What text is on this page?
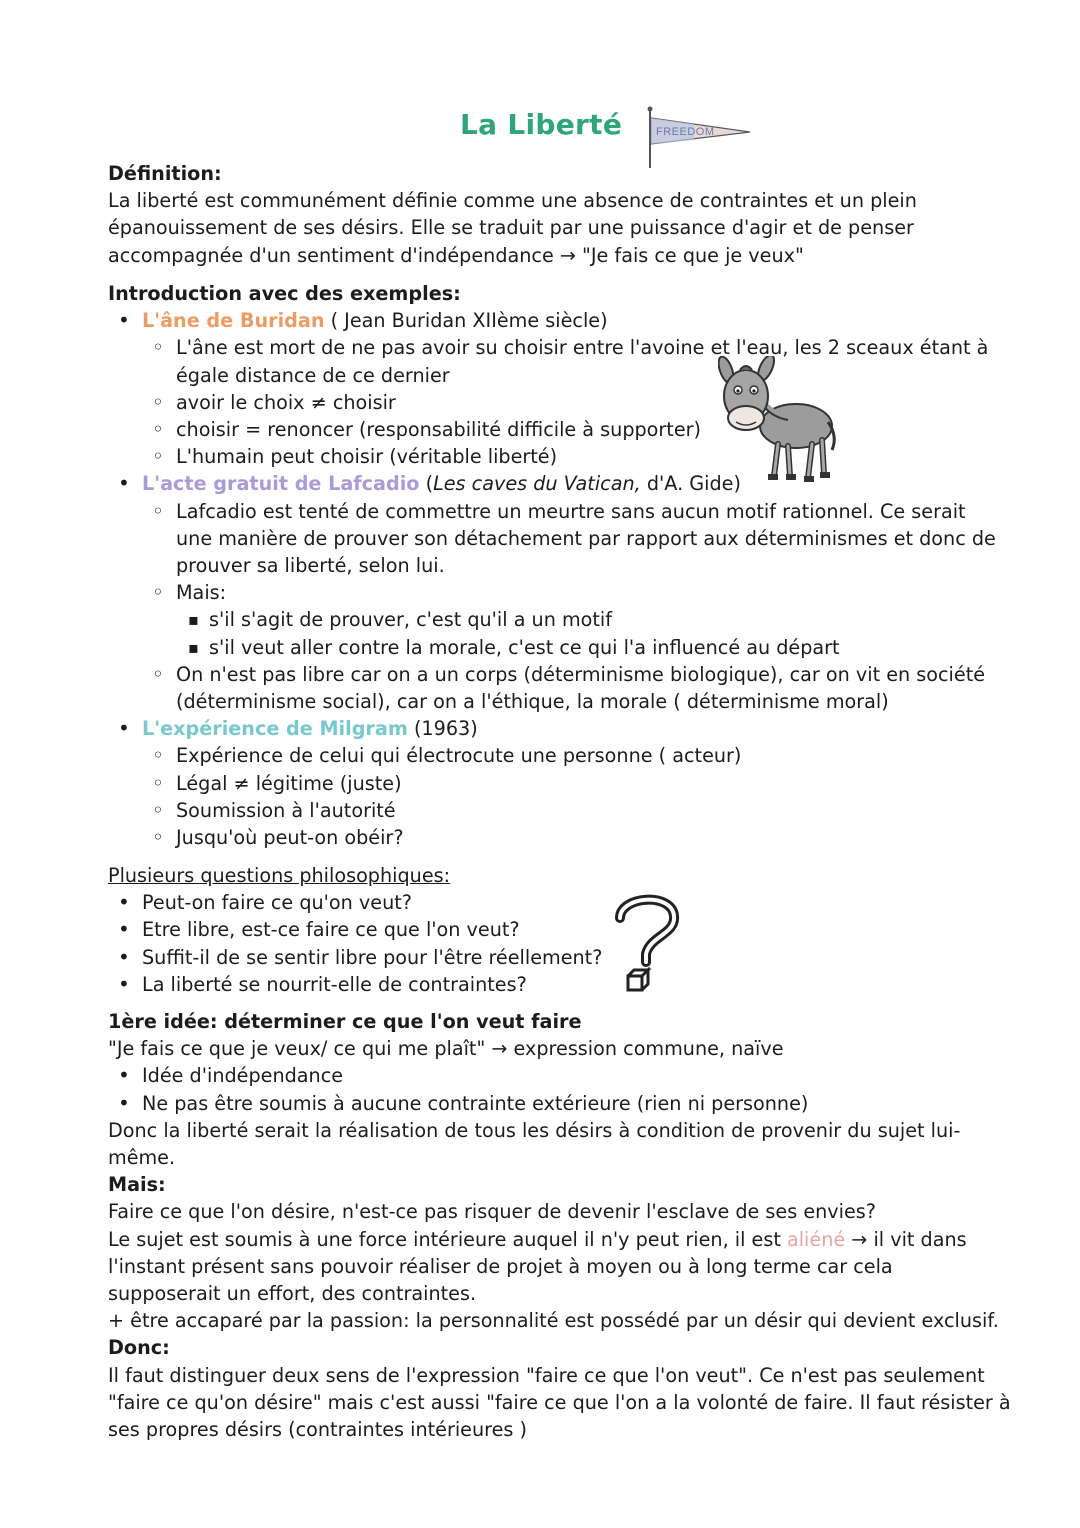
La Liberté	FREEDOM

Définition:

La liberté est communément définie comme une absence de contraintes et un plein

épanouissement de ses désirs. Elle se traduit par une puissance d'agir et de penser

accompagnée d'un sentiment d'indépendance → "Je fais ce que je veux"

Introduction avec des exemples:

• L'âne de Buridan ( Jean Buridan XIIème siècle)
◦ L'âne est mort de ne pas avoir su choisir entre l'avoine et l'eau, les 2 sceaux étant à
égale distance de ce dernier
◦ avoir le choix ≠ choisir
◦ choisir = renoncer (responsabilité difficile à supporter)
◦ L'humain peut choisir (véritable liberté)
• L'acte gratuit de Lafcadio (Les caves du Vatican, d'A. Gide)
◦ Lafcadio est tenté de commettre un meurtre sans aucun motif rationnel. Ce serait
une manière de prouver son détachement par rapport aux déterminismes et donc de
prouver sa liberté, selon lui.
◦ Mais:
▪ s'il s'agit de prouver, c'est qu'il a un motif
▪ s'il veut aller contre la morale, c'est ce qui l'a influencé au départ
◦ On n'est pas libre car on a un corps (déterminisme biologique), car on vit en société
(déterminisme social), car on a l'éthique, la morale ( déterminisme moral)
• L'expérience de Milgram (1963)
◦ Expérience de celui qui électrocute une personne ( acteur)
◦ Légal ≠ légitime (juste)
◦ Soumission à l'autorité
◦ Jusqu'où peut-on obéir?

Plusieurs questions philosophiques:

• Peut-on faire ce qu'on veut?
• Etre libre, est-ce faire ce que l'on veut?
• Suffit-il de se sentir libre pour l'être réellement?
• La liberté se nourrit-elle de contraintes?

1ère idée: déterminer ce que l'on veut faire

"Je fais ce que je veux/ ce qui me plaît" → expression commune, naïve

• Idée d'indépendance
• Ne pas être soumis à aucune contrainte extérieure (rien ni personne)

Donc la liberté serait la réalisation de tous les désirs à condition de provenir du sujet lui-

même.

Mais:

Faire ce que l'on désire, n'est-ce pas risquer de devenir l'esclave de ses envies?

Le sujet est soumis à une force intérieure auquel il n'y peut rien, il est aliéné → il vit dans

l'instant présent sans pouvoir réaliser de projet à moyen ou à long terme car cela

supposerait un effort, des contraintes.

+ être accaparé par la passion: la personnalité est possédé par un désir qui devient exclusif.

Donc:

Il faut distinguer deux sens de l'expression "faire ce que l'on veut". Ce n'est pas seulement

"faire ce qu'on désire" mais c'est aussi "faire ce que l'on a la volonté de faire. Il faut résister à

ses propres désirs (contraintes intérieures )
